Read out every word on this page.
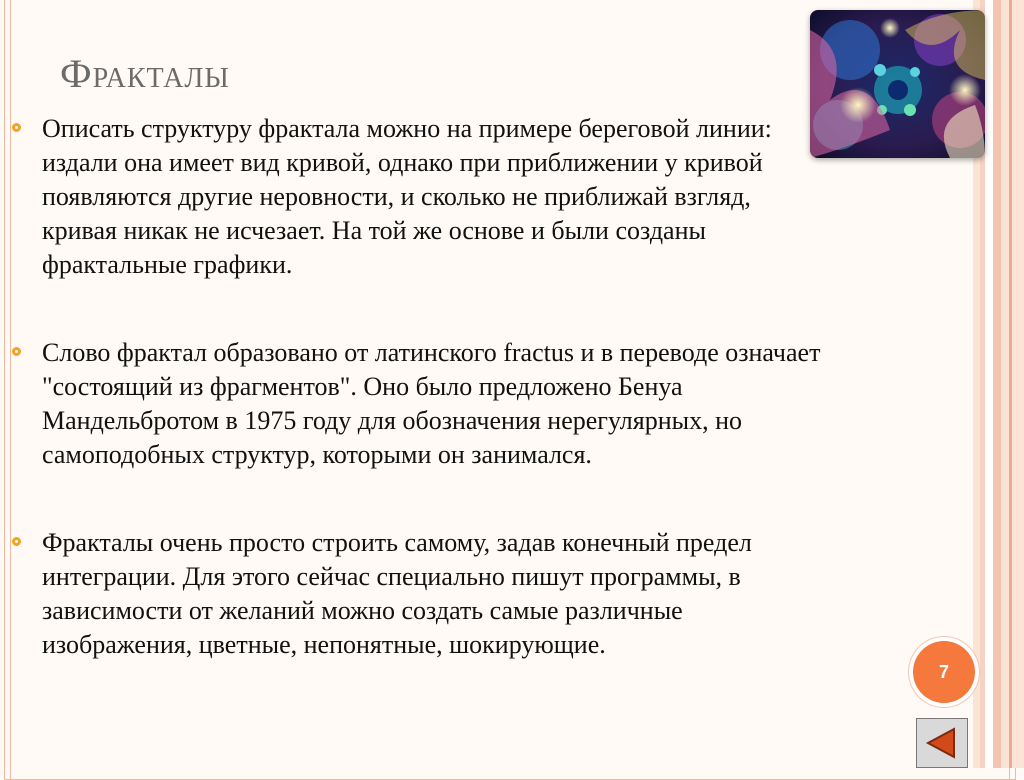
Фракталы
Описать структуру фрактала можно на примере береговой линии: издали она имеет вид кривой, однако при приближении у кривой появляются другие неровности, и сколько не приближай взгляд, кривая никак не исчезает. На той же основе и были созданы фрактальные графики.
Слово фрактал образовано от латинского fractus и в переводе означает "состоящий из фрагментов". Оно было предложено Бенуа Мандельбротом в 1975 году для обозначения нерегулярных, но самоподобных структур, которыми он занимался.
Фракталы очень просто строить самому, задав конечный предел интеграции. Для этого сейчас специально пишут программы, в зависимости от желаний можно создать самые различные изображения, цветные, непонятные, шокирующие.
7
